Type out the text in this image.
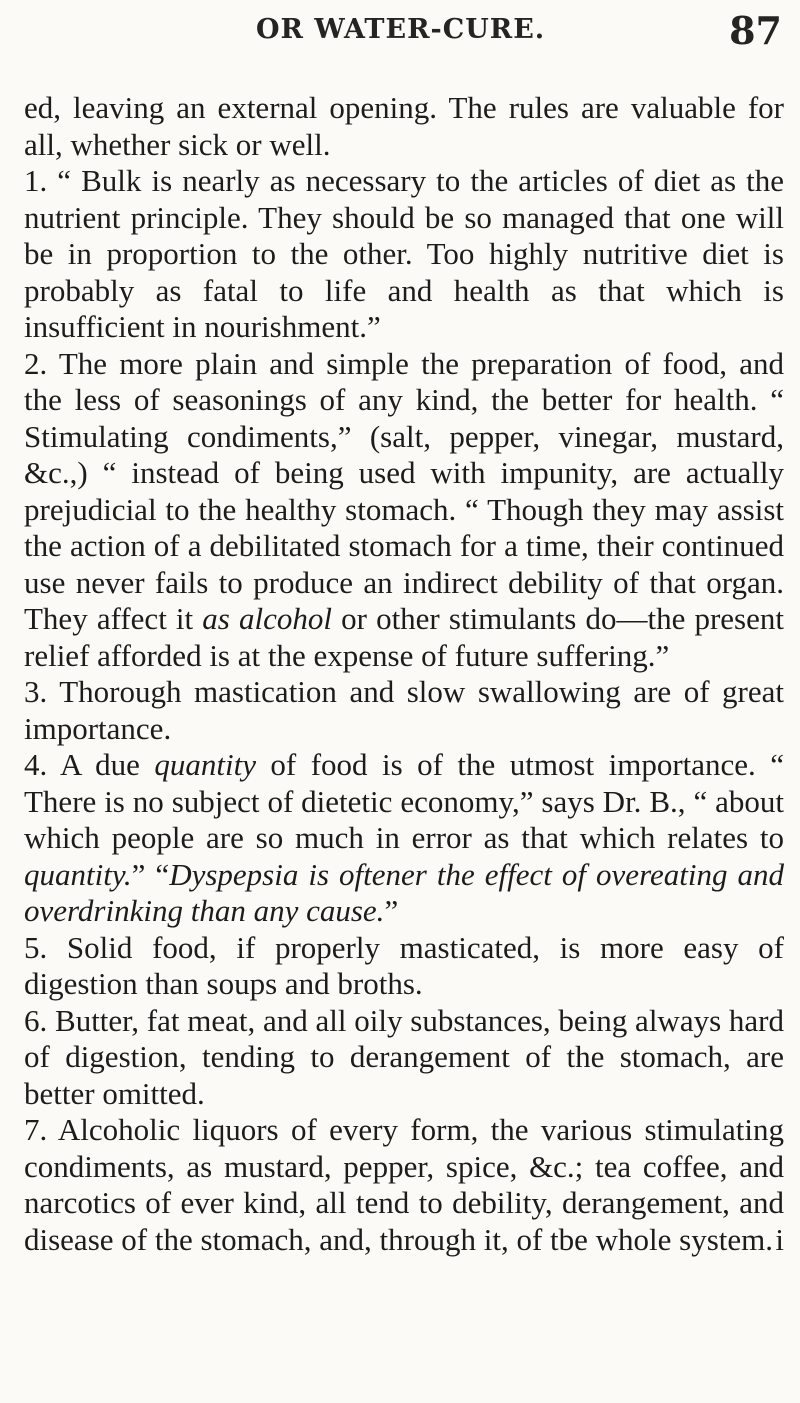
OR WATER-CURE.	87

ed, leaving an external opening. The rules are valuable for all, whether sick or well.

1. “ Bulk is nearly as necessary to the articles of diet as the nutrient principle. They should be so managed that one will be in proportion to the other. Too highly nutritive diet is probably as fatal to life and health as that which is insufficient in nourishment.”

2. The more plain and simple the preparation of food, and the less of seasonings of any kind, the better for health. “ Stimulating condiments,” (salt, pepper, vinegar, mustard, &c.,) “ instead of being used with impunity, are actually prejudicial to the healthy stomach. “ Though they may assist the action of a debilitated stomach for a time, their continued use never fails to produce an indirect debility of that organ. They affect it as alcohol or other stimulants do—the present relief afforded is at the expense of future suffering.”

3. Thorough mastication and slow swallowing are of great importance.

4. A due quantity of food is of the utmost importance. “ There is no subject of dietetic economy,” says Dr. B., “ about which people are so much in error as that which relates to quantity.” “Dyspepsia is oftener the effect of overeating and overdrinking than any cause.”

5. Solid food, if properly masticated, is more easy of digestion than soups and broths.

6. Butter, fat meat, and all oily substances, being always hard of digestion, tending to derangement of the stomach, are better omitted.

7. Alcoholic liquors of every form, the various stimulating condiments, as mustard, pepper, spice, &c.; tea coffee, and narcotics of ever kind, all tend to debility, derangement, and disease of the stomach, and, through it, of tbe whole system. i
